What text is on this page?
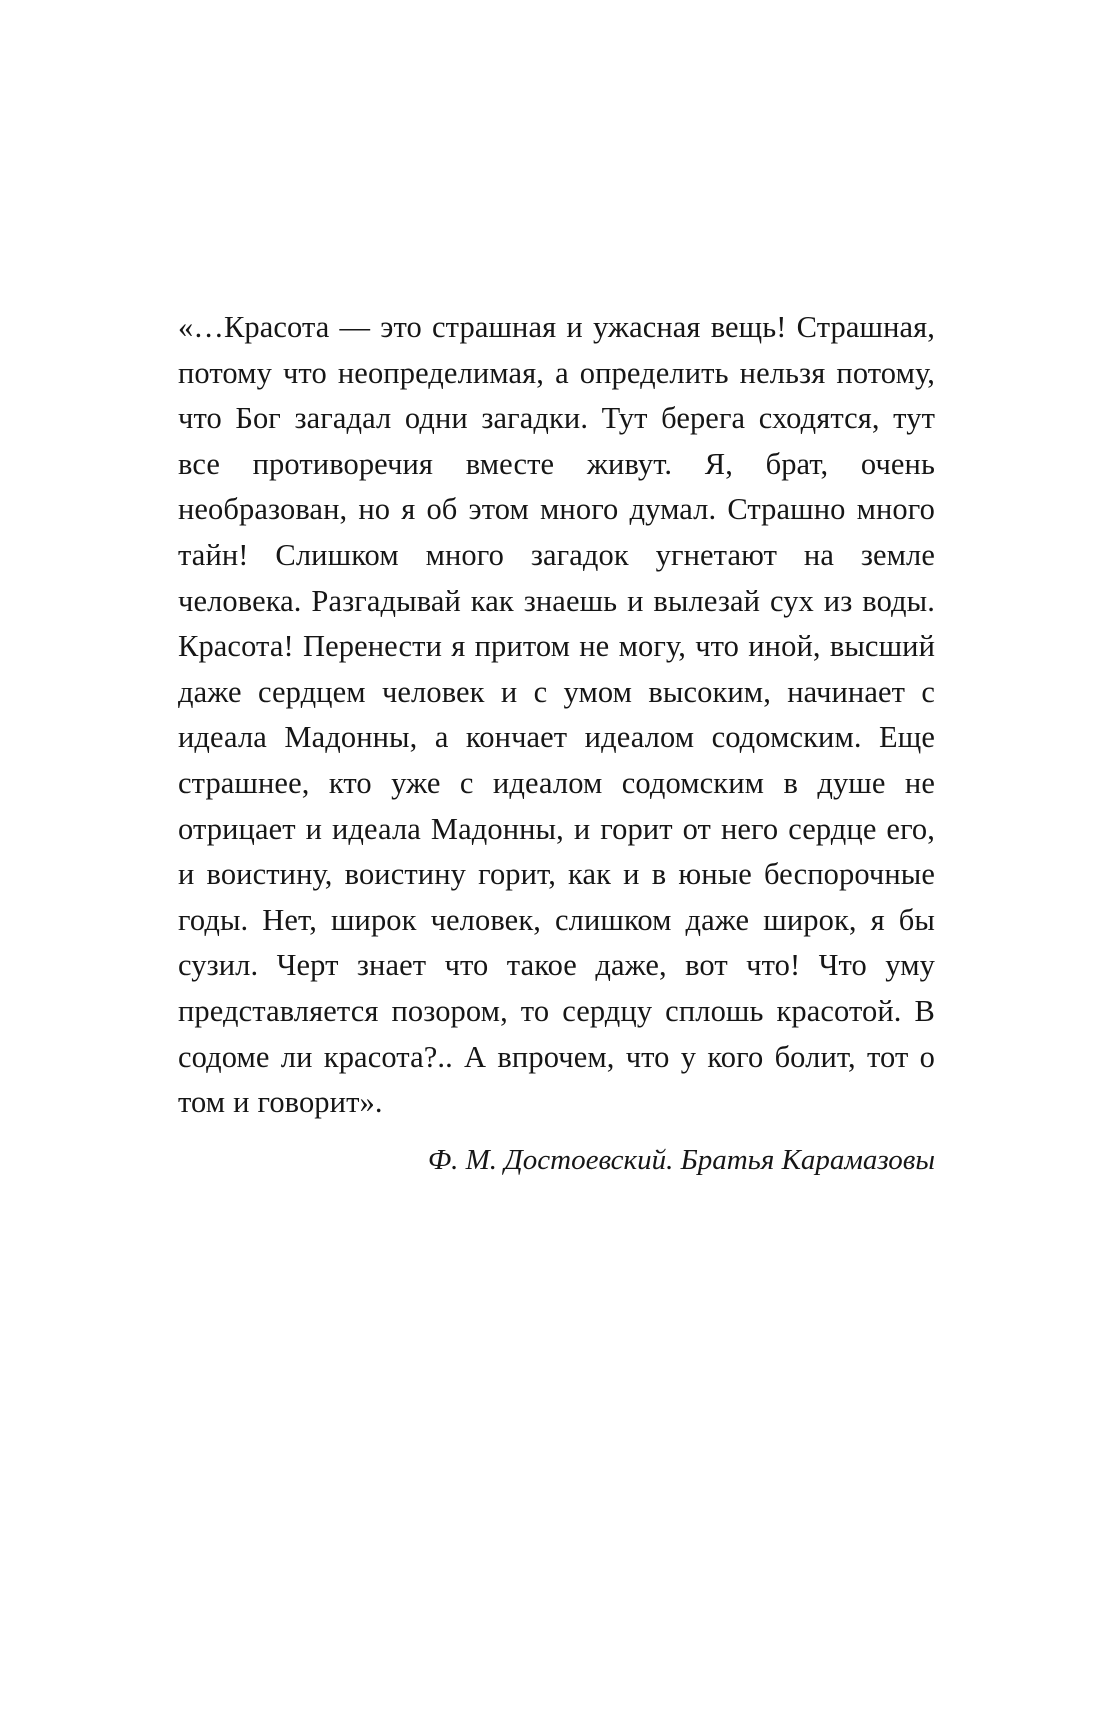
«…Красота — это страшная и ужасная вещь! Страшная, потому что неопределимая, а определить нельзя потому, что Бог загадал одни загадки. Тут берега сходятся, тут все противоречия вместе живут. Я, брат, очень необразован, но я об этом много думал. Страшно много тайн! Слишком много загадок угнетают на земле человека. Разгадывай как знаешь и вылезай сух из воды. Красота! Перенести я притом не могу, что иной, высший даже сердцем человек и с умом высоким, начинает с идеала Мадонны, а кончает идеалом содомским. Еще страшнее, кто уже с идеалом содомским в душе не отрицает и идеала Мадонны, и горит от него сердце его, и воистину, воистину горит, как и в юные беспорочные годы. Нет, широк человек, слишком даже широк, я бы сузил. Черт знает что такое даже, вот что! Что уму представляется позором, то сердцу сплошь красотой. В содоме ли красота?.. А впрочем, что у кого болит, тот о том и говорит».

Ф. М. Достоевский. Братья Карамазовы
